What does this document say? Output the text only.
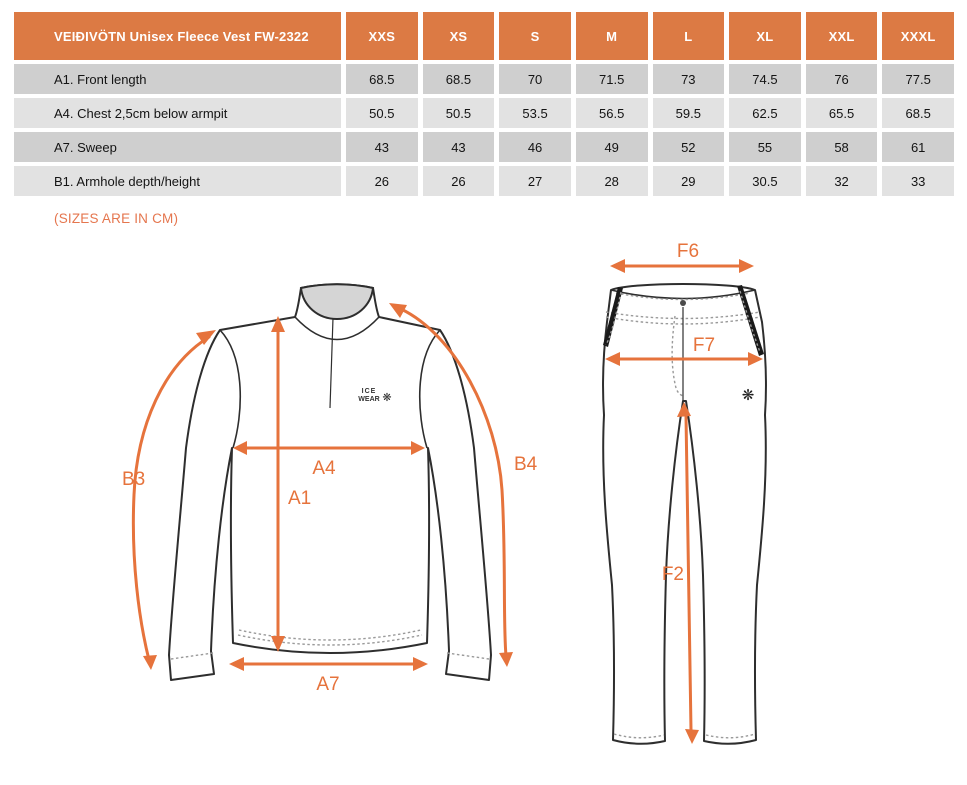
VEIÐIVÖTN Unisex Fleece Vest FW-2322	XXS	XS	S	M	L	XL	XXL	XXXL
A1. Front length	68.5	68.5	70	71.5	73	74.5	76	77.5
A4. Chest 2,5cm below armpit	50.5	50.5	53.5	56.5	59.5	62.5	65.5	68.5
A7. Sweep	43	43	46	49	52	55	58	61
B1. Armhole depth/height	26	26	27	28	29	30.5	32	33
(SIZES ARE IN CM)
ICE
WEAR ❋
B3
B4
A4
A1
A7
❋
F6
F7
F2
